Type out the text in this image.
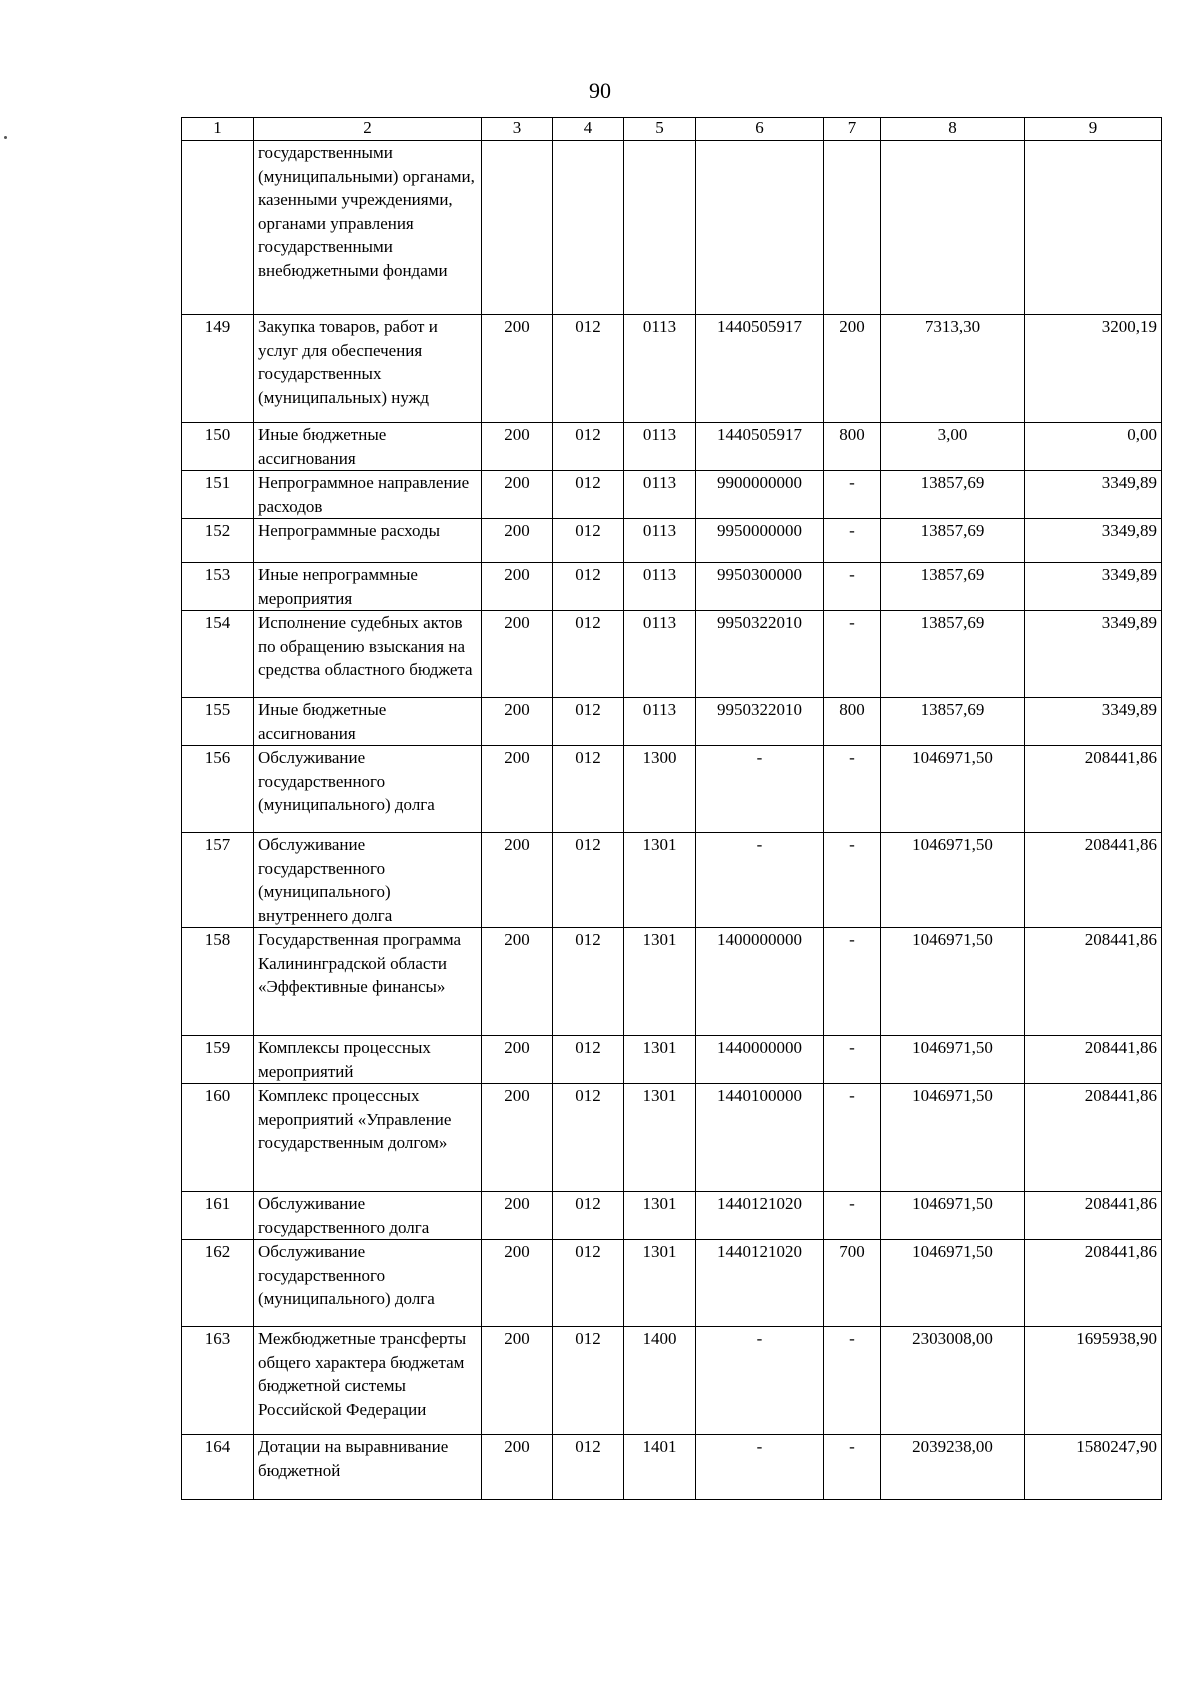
90
1	2	3	4	5	6	7	8	9
	государственными (муниципальными) органами, казенными учреждениями, органами управления государственными внебюджетными фондами							
149	Закупка товаров, работ и услуг для обеспечения государственных (муниципальных) нужд	200	012	0113	1440505917	200	7313,30	3200,19
150	Иные бюджетные ассигнования	200	012	0113	1440505917	800	3,00	0,00
151	Непрограммное направление расходов	200	012	0113	9900000000	-	13857,69	3349,89
152	Непрограммные расходы	200	012	0113	9950000000	-	13857,69	3349,89
153	Иные непрограммные мероприятия	200	012	0113	9950300000	-	13857,69	3349,89
154	Исполнение судебных актов по обращению взыскания на средства областного бюджета	200	012	0113	9950322010	-	13857,69	3349,89
155	Иные бюджетные ассигнования	200	012	0113	9950322010	800	13857,69	3349,89
156	Обслуживание государственного (муниципального) долга	200	012	1300	-	-	1046971,50	208441,86
157	Обслуживание государственного (муниципального) внутреннего долга	200	012	1301	-	-	1046971,50	208441,86
158	Государственная программа Калининградской области «Эффективные финансы»	200	012	1301	1400000000	-	1046971,50	208441,86
159	Комплексы процессных мероприятий	200	012	1301	1440000000	-	1046971,50	208441,86
160	Комплекс процессных мероприятий «Управление государственным долгом»	200	012	1301	1440100000	-	1046971,50	208441,86
161	Обслуживание государственного долга	200	012	1301	1440121020	-	1046971,50	208441,86
162	Обслуживание государственного (муниципального) долга	200	012	1301	1440121020	700	1046971,50	208441,86
163	Межбюджетные трансферты общего характера бюджетам бюджетной системы Российской Федерации	200	012	1400	-	-	2303008,00	1695938,90
164	Дотации на выравнивание бюджетной	200	012	1401	-	-	2039238,00	1580247,90
